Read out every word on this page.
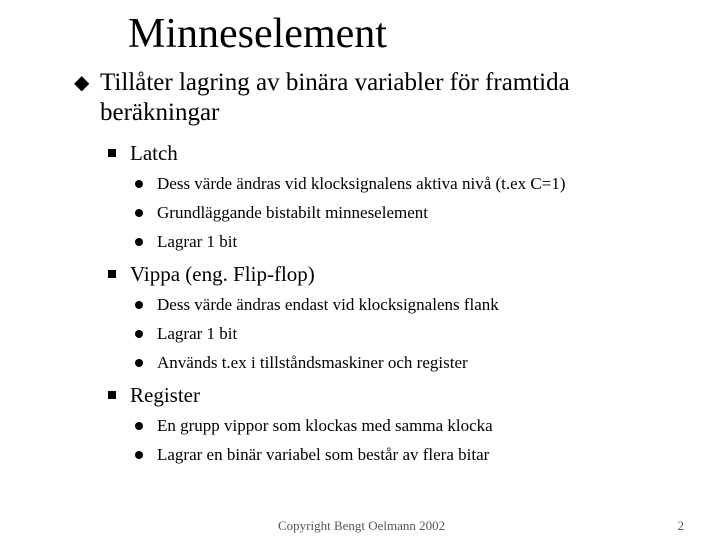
Minneselement
◆ Tillåter lagring av binära variabler för framtida beräkningar
Latch
Dess värde ändras vid klocksignalens aktiva nivå (t.ex C=1)
Grundläggande bistabilt minneselement
Lagrar 1 bit
Vippa (eng. Flip-flop)
Dess värde ändras endast vid klocksignalens flank
Lagrar 1 bit
Används t.ex i tillståndsmaskiner och register
Register
En grupp vippor som klockas med samma klocka
Lagrar en binär variabel som består av flera bitar
Copyright Bengt Oelmann 2002	2
